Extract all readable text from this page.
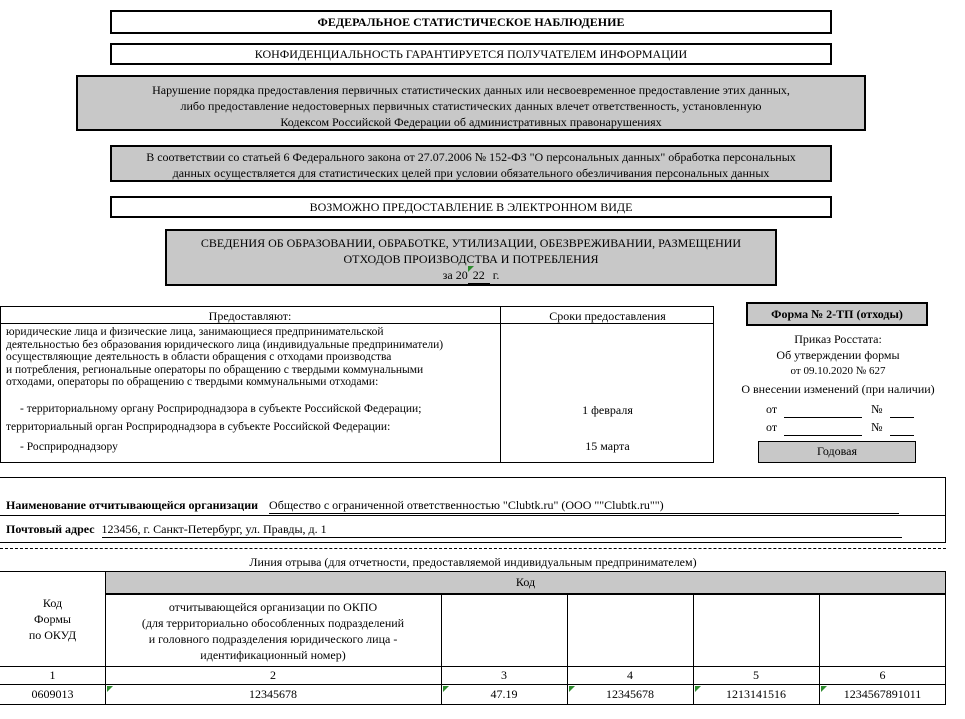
ФЕДЕРАЛЬНОЕ СТАТИСТИЧЕСКОЕ НАБЛЮДЕНИЕ
КОНФИДЕНЦИАЛЬНОСТЬ ГАРАНТИРУЕТСЯ ПОЛУЧАТЕЛЕМ ИНФОРМАЦИИ
Нарушение порядка предоставления первичных статистических данных или несвоевременное предоставление этих данных,
либо предоставление недостоверных первичных статистических данных влечет ответственность, установленную
Кодексом Российской Федерации об административных правонарушениях
В соответствии со статьей 6 Федерального закона от 27.07.2006 № 152-ФЗ "О персональных данных" обработка персональных
данных осуществляется для статистических целей при условии обязательного обезличивания персональных данных
ВОЗМОЖНО ПРЕДОСТАВЛЕНИЕ В ЭЛЕКТРОННОМ ВИДЕ
СВЕДЕНИЯ ОБ ОБРАЗОВАНИИ, ОБРАБОТКЕ, УТИЛИЗАЦИИ, ОБЕЗВРЕЖИВАНИИ, РАЗМЕЩЕНИИ
ОТХОДОВ ПРОИЗВОДСТВА И ПОТРЕБЛЕНИЯ
за 20 22 г.
Предоставляют:	Сроки предоставления
юридические лица и физические лица, занимающиеся предпринимательской
деятельностью без образования юридического лица (индивидуальные предприниматели)
осуществляющие деятельность в области обращения с отходами производства
и потребления, региональные операторы по обращению с твердыми коммунальными
отходами, операторы по обращению с твердыми коммунальными отходами:
- территориальному органу Росприроднадзора в субъекте Российской Федерации;	1 февраля
территориальный орган Росприроднадзора в субъекте Российской Федерации:
- Росприроднадзору	15 марта
Форма № 2-ТП (отходы)
Приказ Росстата:
Об утверждении формы
от 09.10.2020 № 627
О внесении изменений (при наличии)
от	№
от	№
Годовая
Наименование отчитывающейся организации Общество с ограниченной ответственностью "Clubtk.ru" (ООО ""Clubtk.ru"")
Почтовый адрес 123456, г. Санкт-Петербург, ул. Правды, д. 1
Линия отрыва (для отчетности, предоставляемой индивидуальным предпринимателем)
Код
Код
Формы
по ОКУД
отчитывающейся организации по ОКПО
(для территориально обособленных подразделений
и головного подразделения юридического лица -
идентификационный номер)
1	2	3	4	5	6
0609013	12345678	47.19	12345678	1213141516	1234567891011
